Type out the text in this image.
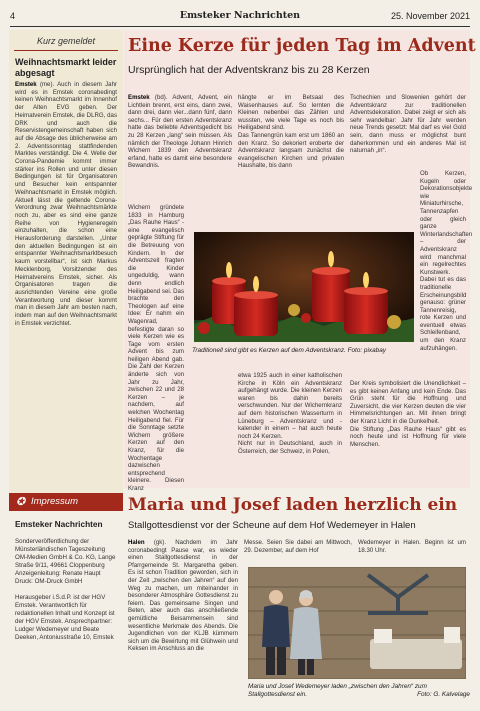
4	Emsteker Nachrichten	25. November 2021
Kurz gemeldet
Weihnachtsmarkt leider abgesagt
Emstek (me). Auch in diesem Jahr wird es in Emstek coronabedingt keinen Weihnachtsmarkt im Innenhof der Alten EVG geben. Der Heimatverein Emstek, die DLRG, das DRK und auch die Reservistengemeinschaft haben sich auf die Absage des üblicherweise am 2. Adventssonntag stattfindenden Marktes verständigt. Die 4. Welle der Corona-Pandemie kommt immer stärker ins Rollen und unter diesen Bedingungen ist für Organisatoren und Besucher kein entspannter Weihnachtsmarkt in Emstek möglich. Aktuell lässt die geltende Corona-Verordnung zwar Weihnachtsmärkte noch zu, aber es sind eine ganze Reihe von Hygieneregeln einzuhalten, die schon eine Herausforderung darstellen. „Unter den aktuellen Bedingungen ist ein entspannter Weihnachtsmarktbesuch kaum vorstellbar“, ist sich Markus Mecklenborg, Vorsitzender des Heimatvereins Emstek, sicher. Als Organisatoren tragen die ausrichtenden Vereine eine große Verantwortung und dieser kommt man in diesem Jahr am besten nach, indem man auf den Weihnachtsmarkt in Emstek verzichtet.
✪ Impressum
Emsteker Nachrichten

Sonderveröffentlichung der Münsterländischen Tageszeitung OM-Medien GmbH & Co. KG, Lange Straße 9/11, 49661 Cloppenburg Anzeigenleitung: Renate Haupt Druck: OM-Druck GmbH

Herausgeber i.S.d.P. ist der HGV Emstek. Verantwortlich für redaktionellen Inhalt und Konzept ist der HGV Emstek. Ansprechpartner: Ludger Wedemeyer und Beate Deeken, Antoniusstraße 10, Emstek

Eine Kerze für jeden Tag im Advent
Ursprünglich hat der Adventskranz bis zu 28 Kerzen
Emstek (bd). Advent, Advent, ein Lichtlein brennt, erst eins, dann zwei, dann drei, dann vier...dann fünf, dann sechs... Für den ersten Adventskranz hatte das beliebte Adventsgedicht bis zu 28 Kerzen „lang“ sein müssen. Als nämlich der Theologe Johann Hinrich Wichern 1839 den Adventskranz erfand, hatte es damit eine besondere Bewandnis.
Wichern gründete 1833 in Hamburg „Das Rauhe Haus“ - eine evangelisch geprägte Stiftung für die Betreuung von Kindern. In der Adventszeit fragten die Kinder ungeduldig, wann denn endlich Heiligabend sei. Das brachte den Theologen auf eine Idee: Er nahm ein Wagenrad, befestigte daran so viele Kerzen wie es Tage vom ersten Advent bis zum heiligen Abend gab. Die Zahl der Kerzen änderte sich von Jahr zu Jahr, zwischen 22 und 28 Kerzen – je nachdem, auf welchen Wochentag Heiligabend fiel. Für die Sonntage setzte Wichern größere Kerzen auf den Kranz, für die Wochentage dazwischen entsprechend kleinere. Diesen Kranz
hängte er im Betsaal des Waisenhauses auf. So lernten die Kleinen nebenbei das Zählen und wussten, wie viele Tage es noch bis Heiligabend sind.
Das Tannengrün kam erst um 1860 an den Kranz. So dekoriert eroberte der Adventskranz langsam zunächst die evangelischen Kirchen und privaten Haushalte, bis dann
etwa 1925 auch in einer katholischen Kirche in Köln ein Adventskranz aufgehängt wurde. Die kleinen Kerzen waren bis dahin bereits verschwunden. Nur der Wichernkranz auf dem historischen Wasserturm in Lüneburg – Adventskranz und -kalender in einem – hat auch heute noch 24 Kerzen.
Nicht nur in Deutschland, auch in Österreich, der Schweiz, in Polen,
Tschechien und Slowenien gehört der Adventskranz zur traditionellen Adventsdekoration. Dabei zeigt er sich als sehr wandelbar: Jahr für Jahr werden neue Trends gesetzt: Mal darf es viel Gold sein, dann muss er möglichst bunt daherkommen und ein anderes Mal ist naturnah „in“.
Ob Kerzen, Kugeln oder Dekorationsobjekte wie Miniaturhirsche, Tannenzapfen oder gleich ganze Winterlandschaften – der Adventskranz wird manchmal ein regelrechtes Kunstwerk. Dabei tut es das traditionelle Erscheinungsbild genauso: grüner Tannenreisig, rote Kerzen und eventuell etwas Schleifenband, um den Kranz aufzuhängen.
Der Kreis symbolisiert die Unendlichkeit – es gibt keinen Anfang und kein Ende. Das Grün steht für die Hoffnung und Zuversicht, die vier Kerzen deuten die vier Himmelsrichtungen an. Mit ihnen bringt der Kranz Licht in die Dunkelheit.
Die Stiftung „Das Rauhe Haus“ gibt es noch heute und ist Hoffnung für viele Menschen.
Traditionell sind gibt es Kerzen auf dem Adventskranz. Foto: pixabay
Maria und Josef laden herzlich ein
Stallgottesdienst vor der Scheune auf dem Hof Wedemeyer in Halen
Halen (gk). Nachdem im Jahr coronabedingt Pause war, es wieder einen Stallgottesdienst in der Pfarrgemeinde St. Margaretha geben. Es ist schon Tradition geworden, sich in der Zeit „zwischen den Jahren“ auf den Weg zu machen, um miteinander in besonderer Atmosphäre Gottesdienst zu feiern. Das gemeinsame Singen und Beten, aber auch das anschließende gemütliche Beisammensein sind wesentliche Merkmale des Abends. Die Jugendlichen von der KLJB kümmern sich um die Bewirtung mit Glühwein und Keksen im Anschluss an die
Messe. Seien Sie dabei am Mittwoch, 29. Dezember, auf dem Hof
Wedemeyer in Halen. Beginn ist um 18.30 Uhr.
Maria und Josef Wedemeyer laden „zwischen den Jahren“ zum Stallgottesdienst ein.	Foto: G. Kalvelage
